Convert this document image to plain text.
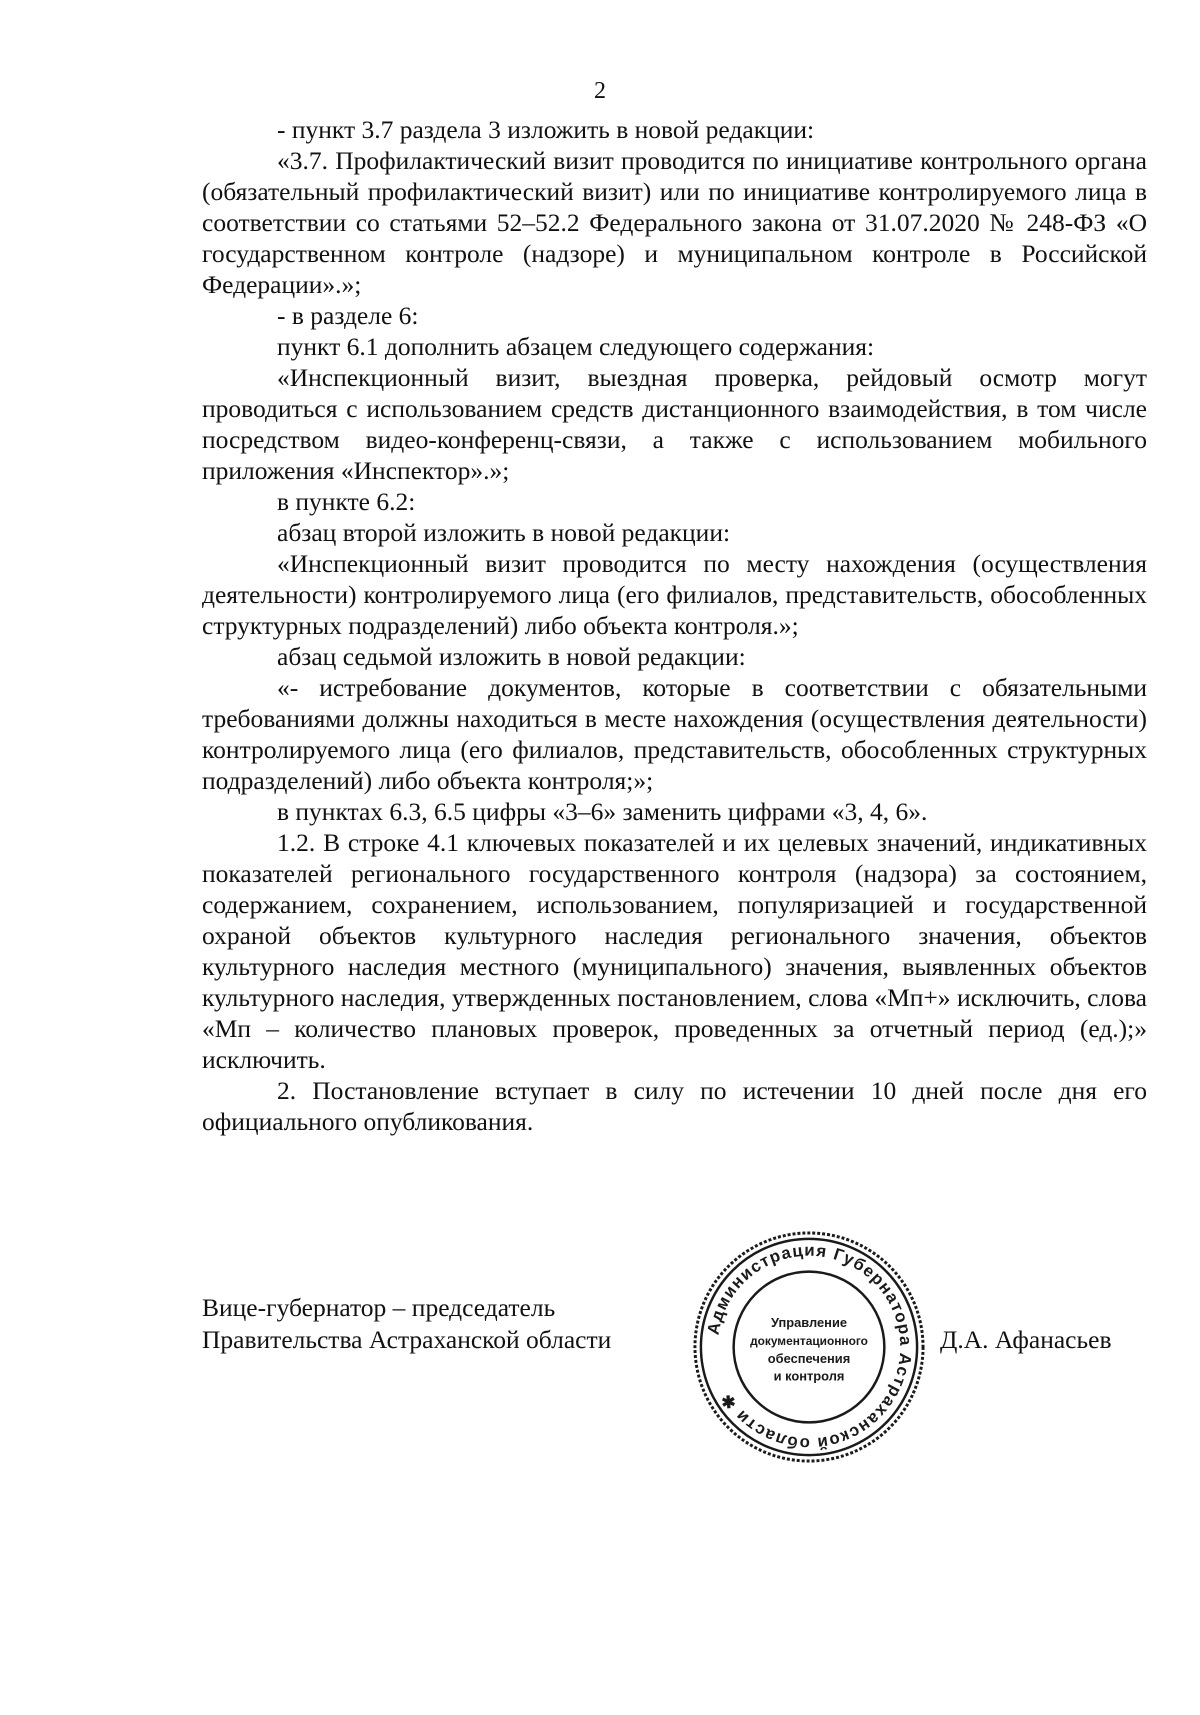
2

- пункт 3.7 раздела 3 изложить в новой редакции:

«3.7. Профилактический визит проводится по инициативе контрольного органа (обязательный профилактический визит) или по инициативе контролируемого лица в соответствии со статьями 52–52.2 Федерального закона от 31.07.2020 № 248-ФЗ «О государственном контроле (надзоре) и муниципальном контроле в Российской Федерации».»;

- в разделе 6:

пункт 6.1 дополнить абзацем следующего содержания:

«Инспекционный визит, выездная проверка, рейдовый осмотр могут проводиться с использованием средств дистанционного взаимодействия, в том числе посредством видео-конференц-связи, а также с использованием мобильного приложения «Инспектор».»;

в пункте 6.2:

абзац второй изложить в новой редакции:

«Инспекционный визит проводится по месту нахождения (осуществления деятельности) контролируемого лица (его филиалов, представительств, обособленных структурных подразделений) либо объекта контроля.»;

абзац седьмой изложить в новой редакции:

«- истребование документов, которые в соответствии с обязательными требованиями должны находиться в месте нахождения (осуществления деятельности) контролируемого лица (его филиалов, представительств, обособленных структурных подразделений) либо объекта контроля;»;

в пунктах 6.3, 6.5 цифры «3–6» заменить цифрами «3, 4, 6».

1.2. В строке 4.1 ключевых показателей и их целевых значений, индикативных показателей регионального государственного контроля (надзора) за состоянием, содержанием, сохранением, использованием, популяризацией и государственной охраной объектов культурного наследия регионального значения, объектов культурного наследия местного (муниципального) значения, выявленных объектов культурного наследия, утвержденных постановлением, слова «Мп+» исключить, слова «Мп – количество плановых проверок, проведенных за отчетный период (ед.);» исключить.

2. Постановление вступает в силу по истечении 10 дней после дня его официального опубликования.

Вице-губернатор – председатель
Правительства Астраханской области	Администрация Губернатора Астраханской области ✱
Управление
документационного
обеспечения
и контроля
Д.А. Афанасьев
